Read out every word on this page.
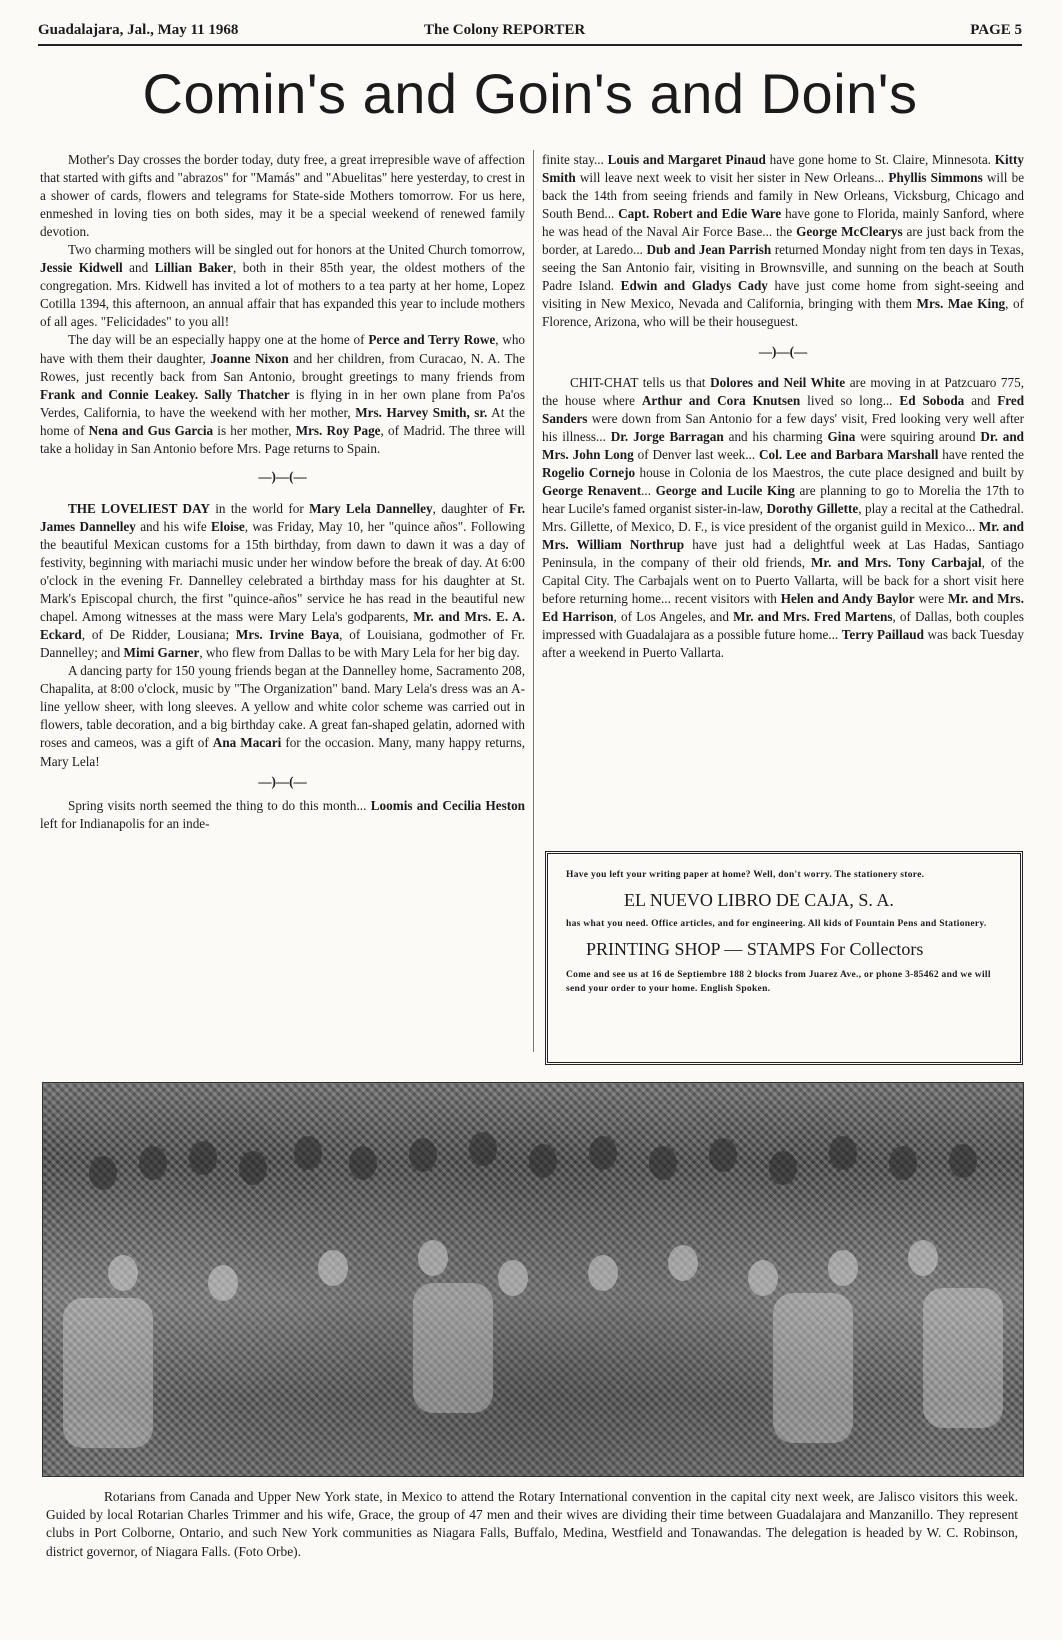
Guadalajara, Jal., May 11 1968	The Colony REPORTER	PAGE 5
Comin's and Goin's and Doin's

Mother's Day crosses the border today, duty free, a great irrepresible wave of affection that started with gifts and "abrazos" for "Mamás" and "Abuelitas" here yesterday, to crest in a shower of cards, flowers and telegrams for State-side Mothers tomorrow. For us here, enmeshed in loving ties on both sides, may it be a special weekend of renewed family devotion.

Two charming mothers will be singled out for honors at the United Church tomorrow, Jessie Kidwell and Lillian Baker, both in their 85th year, the oldest mothers of the congregation. Mrs. Kidwell has invited a lot of mothers to a tea party at her home, Lopez Cotilla 1394, this afternoon, an annual affair that has expanded this year to include mothers of all ages. "Felicidades" to you all!

The day will be an especially happy one at the home of Perce and Terry Rowe, who have with them their daughter, Joanne Nixon and her children, from Curacao, N. A. The Rowes, just recently back from San Antonio, brought greetings to many friends from Frank and Connie Leakey. Sally Thatcher is flying in in her own plane from Pa'os Verdes, California, to have the weekend with her mother, Mrs. Harvey Smith, sr. At the home of Nena and Gus Garcia is her mother, Mrs. Roy Page, of Madrid. The three will take a holiday in San Antonio before Mrs. Page returns to Spain.

—)—(—

THE LOVELIEST DAY in the world for Mary Lela Dannelley, daughter of Fr. James Dannelley and his wife Eloise, was Friday, May 10, her "quince años". Following the beautiful Mexican customs for a 15th birthday, from dawn to dawn it was a day of festivity, beginning with mariachi music under her window before the break of day. At 6:00 o'clock in the evening Fr. Dannelley celebrated a birthday mass for his daughter at St. Mark's Episcopal church, the first "quince-años" service he has read in the beautiful new chapel. Among witnesses at the mass were Mary Lela's godparents, Mr. and Mrs. E. A. Eckard, of De Ridder, Lousiana; Mrs. Irvine Baya, of Louisiana, godmother of Fr. Dannelley; and Mimi Garner, who flew from Dallas to be with Mary Lela for her big day.

A dancing party for 150 young friends began at the Dannelley home, Sacramento 208, Chapalita, at 8:00 o'clock, music by "The Organization" band. Mary Lela's dress was an A-line yellow sheer, with long sleeves. A yellow and white color scheme was carried out in flowers, table decoration, and a big birthday cake. A great fan-shaped gelatin, adorned with roses and cameos, was a gift of Ana Macari for the occasion. Many, many happy returns, Mary Lela!

—)—(—

Spring visits north seemed the thing to do this month... Loomis and Cecilia Heston left for Indianapolis for an inde-

finite stay... Louis and Margaret Pinaud have gone home to St. Claire, Minnesota. Kitty Smith will leave next week to visit her sister in New Orleans... Phyllis Simmons will be back the 14th from seeing friends and family in New Orleans, Vicksburg, Chicago and South Bend... Capt. Robert and Edie Ware have gone to Florida, mainly Sanford, where he was head of the Naval Air Force Base... the George McClearys are just back from the border, at Laredo... Dub and Jean Parrish returned Monday night from ten days in Texas, seeing the San Antonio fair, visiting in Brownsville, and sunning on the beach at South Padre Island. Edwin and Gladys Cady have just come home from sight-seeing and visiting in New Mexico, Nevada and California, bringing with them Mrs. Mae King, of Florence, Arizona, who will be their houseguest.

—)—(—

CHIT-CHAT tells us that Dolores and Neil White are moving in at Patzcuaro 775, the house where Arthur and Cora Knutsen lived so long... Ed Soboda and Fred Sanders were down from San Antonio for a few days' visit, Fred looking very well after his illness... Dr. Jorge Barragan and his charming Gina were squiring around Dr. and Mrs. John Long of Denver last week... Col. Lee and Barbara Marshall have rented the Rogelio Cornejo house in Colonia de los Maestros, the cute place designed and built by George Renavent... George and Lucile King are planning to go to Morelia the 17th to hear Lucile's famed organist sister-in-law, Dorothy Gillette, play a recital at the Cathedral. Mrs. Gillette, of Mexico, D. F., is vice president of the organist guild in Mexico... Mr. and Mrs. William Northrup have just had a delightful week at Las Hadas, Santiago Peninsula, in the company of their old friends, Mr. and Mrs. Tony Carbajal, of the Capital City. The Carbajals went on to Puerto Vallarta, will be back for a short visit here before returning home... recent visitors with Helen and Andy Baylor were Mr. and Mrs. Ed Harrison, of Los Angeles, and Mr. and Mrs. Fred Martens, of Dallas, both couples impressed with Guadalajara as a possible future home... Terry Paillaud was back Tuesday after a weekend in Puerto Vallarta.

Have you left your writing paper at home? Well, don't worry. The stationery store.
EL NUEVO LIBRO DE CAJA, S. A.
has what you need. Office articles, and for engineering. All kids of Fountain Pens and Stationery.
PRINTING SHOP — STAMPS For Collectors
Come and see us at 16 de Septiembre 188 2 blocks from Juarez Ave., or phone 3-85462 and we will send your order to your home. English Spoken.

Rotarians from Canada and Upper New York state, in Mexico to attend the Rotary International convention in the capital city next week, are Jalisco visitors this week. Guided by local Rotarian Charles Trimmer and his wife, Grace, the group of 47 men and their wives are dividing their time between Guadalajara and Manzanillo. They represent clubs in Port Colborne, Ontario, and such New York communities as Niagara Falls, Buffalo, Medina, Westfield and Tonawandas. The delegation is headed by W. C. Robinson, district governor, of Niagara Falls. (Foto Orbe).
